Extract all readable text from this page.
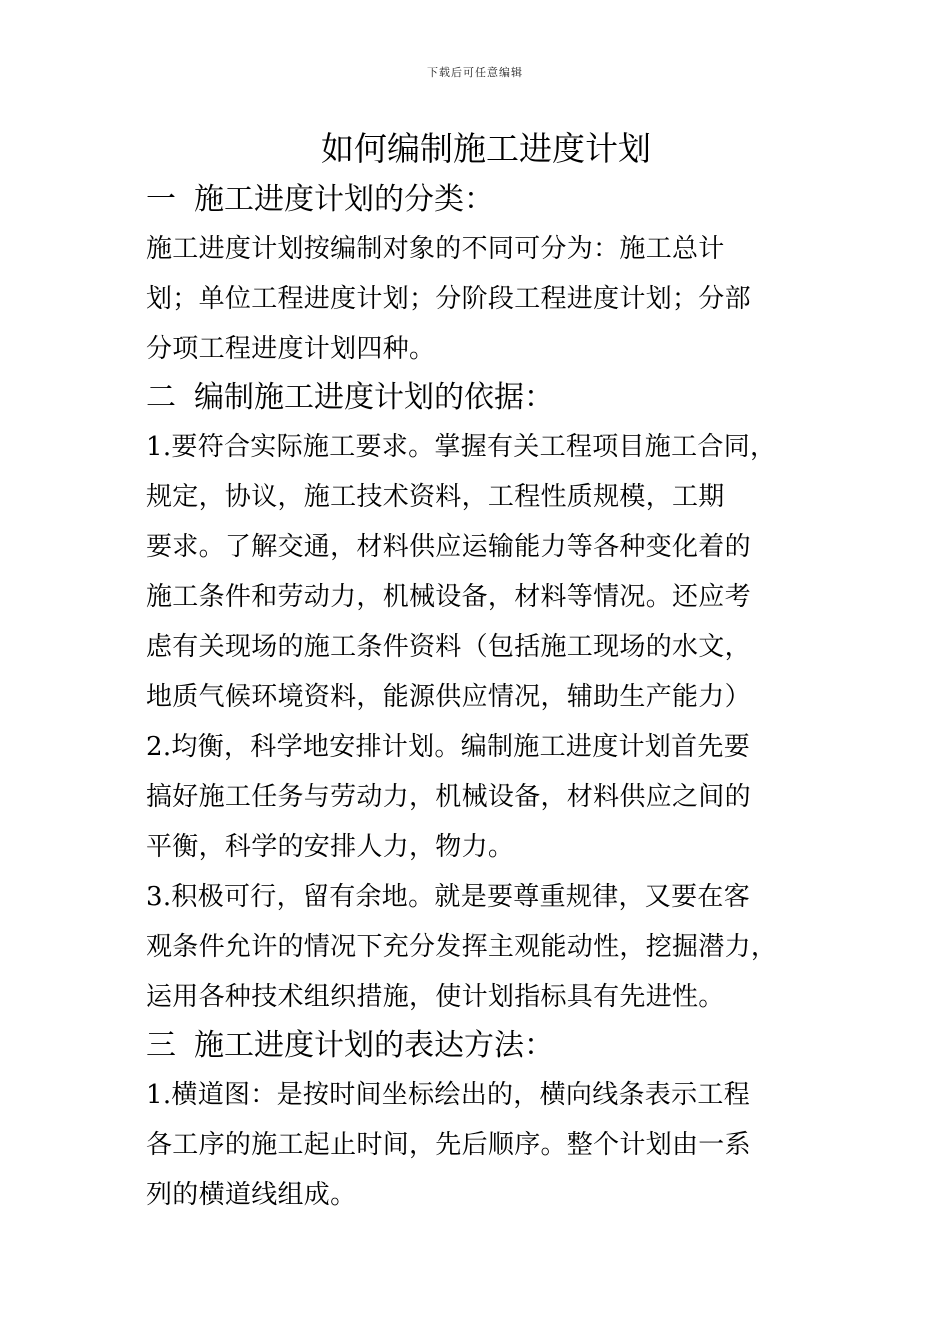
下载后可任意编辑
如何编制施工进度计划
一 施工进度计划的分类：

施工进度计划按编制对象的不同可分为：施工总计
划；单位工程进度计划；分阶段工程进度计划；分部
分项工程进度计划四种。

二 编制施工进度计划的依据：

1.要符合实际施工要求。掌握有关工程项目施工合同，
规定，协议，施工技术资料，工程性质规模，工期
要求。了解交通，材料供应运输能力等各种变化着的
施工条件和劳动力，机械设备，材料等情况。还应考
虑有关现场的施工条件资料（包括施工现场的水文，
地质气候环境资料，能源供应情况，辅助生产能力）

2.均衡，科学地安排计划。编制施工进度计划首先要
搞好施工任务与劳动力，机械设备，材料供应之间的
平衡，科学的安排人力，物力。

3.积极可行，留有余地。就是要尊重规律，又要在客
观条件允许的情况下充分发挥主观能动性，挖掘潜力，
运用各种技术组织措施，使计划指标具有先进性。

三 施工进度计划的表达方法：

1.横道图：是按时间坐标绘出的，横向线条表示工程
各工序的施工起止时间，先后顺序。整个计划由一系
列的横道线组成。
